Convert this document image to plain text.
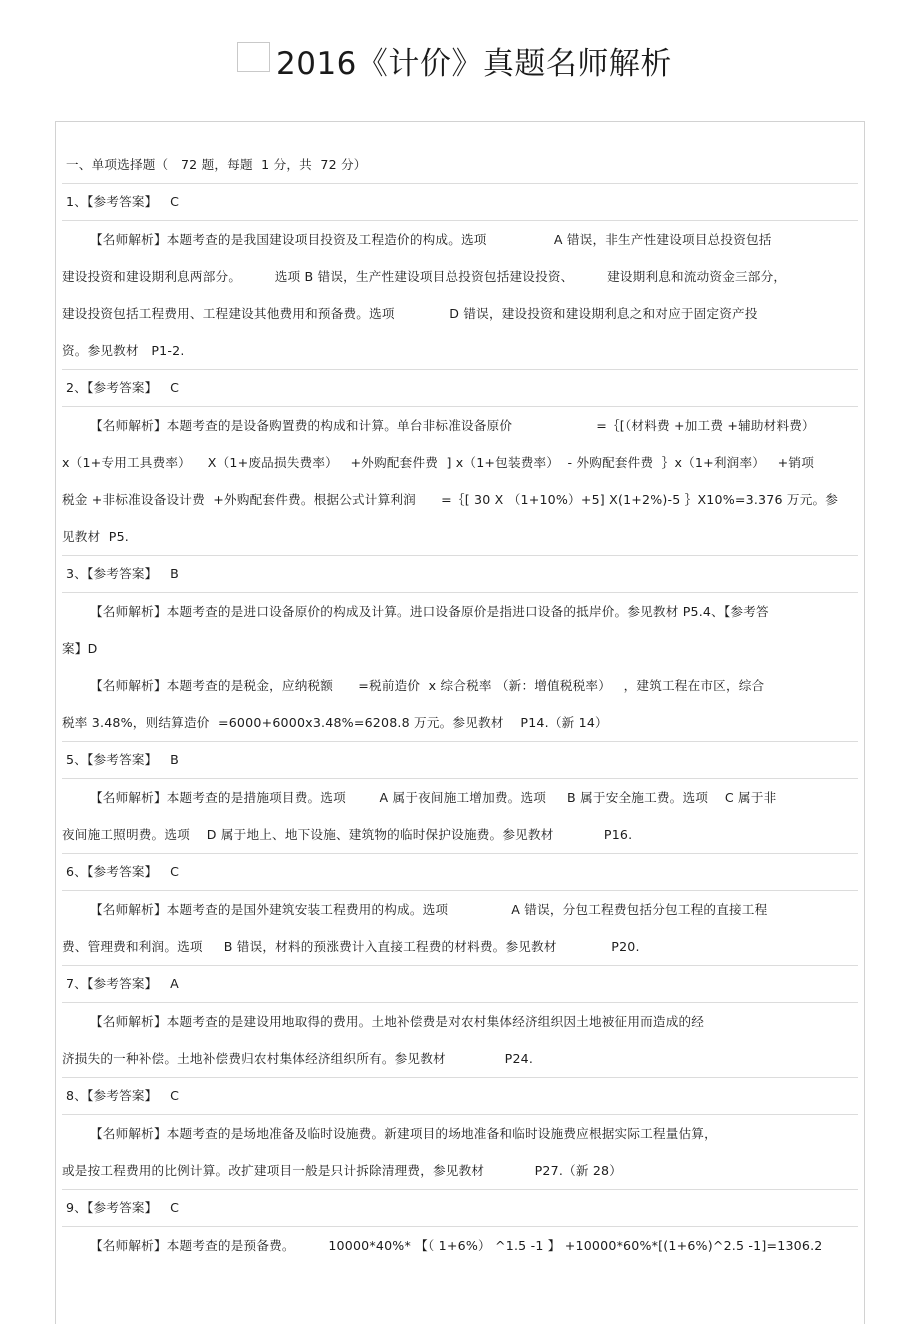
2016《计价》真题名师解析
一、单项选择题（   72 题，每题  1 分，共  72 分）
1、【参考答案】   C
【名师解析】本题考查的是我国建设项目投资及工程造价的构成。选项                A 错误，非生产性建设项目总投资包括
建设投资和建设期利息两部分。        选项 B 错误，生产性建设项目总投资包括建设投资、        建设期利息和流动资金三部分，
建设投资包括工程费用、工程建设其他费用和预备费。选项             D 错误，建设投资和建设期利息之和对应于固定资产投
资。参见教材   P1-2.
2、【参考答案】   C
【名师解析】本题考查的是设备购置费的构成和计算。单台非标准设备原价                    =｛[（材料费 +加工费 +辅助材料费）
x（1+专用工具费率）    X（1+废品损失费率）   +外购配套件费  ] x（1+包装费率）  - 外购配套件费  ｝x（1+利润率）   +销项
税金 +非标准设备设计费  +外购配套件费。根据公式计算利润      =｛[ 30 X （1+10%）+5] X(1+2%)-5 ｝X10%=3.376 万元。参
见教材  P5.
3、【参考答案】   B
【名师解析】本题考查的是进口设备原价的构成及计算。进口设备原价是指进口设备的抵岸价。参见教材 P5.4、【参考答
案】D
【名师解析】本题考查的是税金，应纳税额      =税前造价  x 综合税率 （新：增值税税率）   ，建筑工程在市区，综合
税率 3.48%，则结算造价  =6000+6000x3.48%=6208.8 万元。参见教材    P14.（新 14）
5、【参考答案】   B
【名师解析】本题考查的是措施项目费。选项        A 属于夜间施工增加费。选项     B 属于安全施工费。选项    C 属于非
夜间施工照明费。选项    D 属于地上、地下设施、建筑物的临时保护设施费。参见教材            P16.
6、【参考答案】   C
【名师解析】本题考查的是国外建筑安装工程费用的构成。选项               A 错误，分包工程费包括分包工程的直接工程
费、管理费和利润。选项     B 错误，材料的预涨费计入直接工程费的材料费。参见教材             P20.
7、【参考答案】   A
【名师解析】本题考查的是建设用地取得的费用。土地补偿费是对农村集体经济组织因土地被征用而造成的经
济损失的一种补偿。土地补偿费归农村集体经济组织所有。参见教材              P24.
8、【参考答案】   C
【名师解析】本题考查的是场地准备及临时设施费。新建项目的场地准备和临时设施费应根据实际工程量估算，
或是按工程费用的比例计算。改扩建项目一般是只计拆除清理费，参见教材            P27.（新 28）
9、【参考答案】   C
【名师解析】本题考查的是预备费。        10000*40%* 【（ 1+6%） ^1.5 -1 】 +10000*60%*[(1+6%)^2.5 -1]=1306.2
